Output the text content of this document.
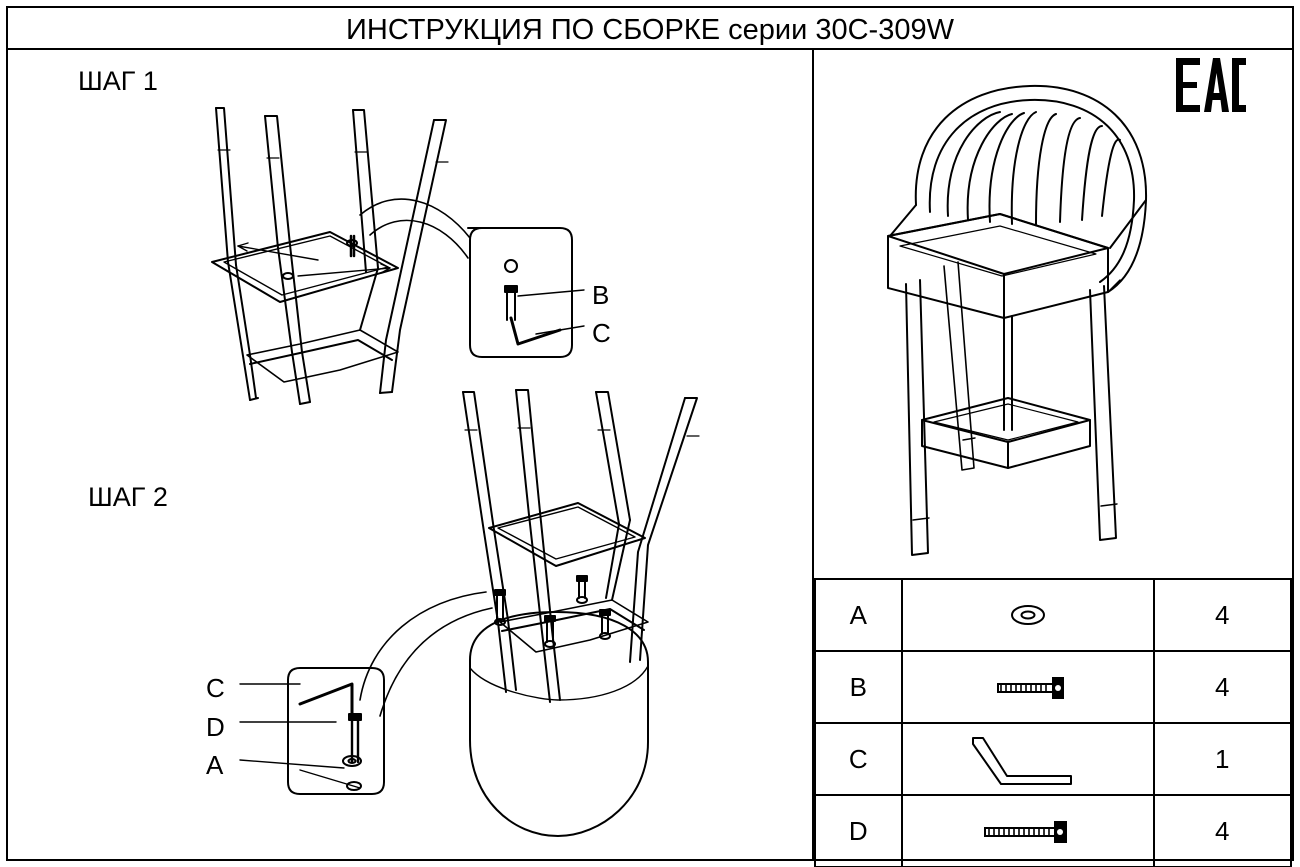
ИНСТРУКЦИЯ ПО СБОРКЕ серии 30C-309W
ШАГ 1
ШАГ 2
B
C
C
D
A
A		4
B		4
C		1
D		4
